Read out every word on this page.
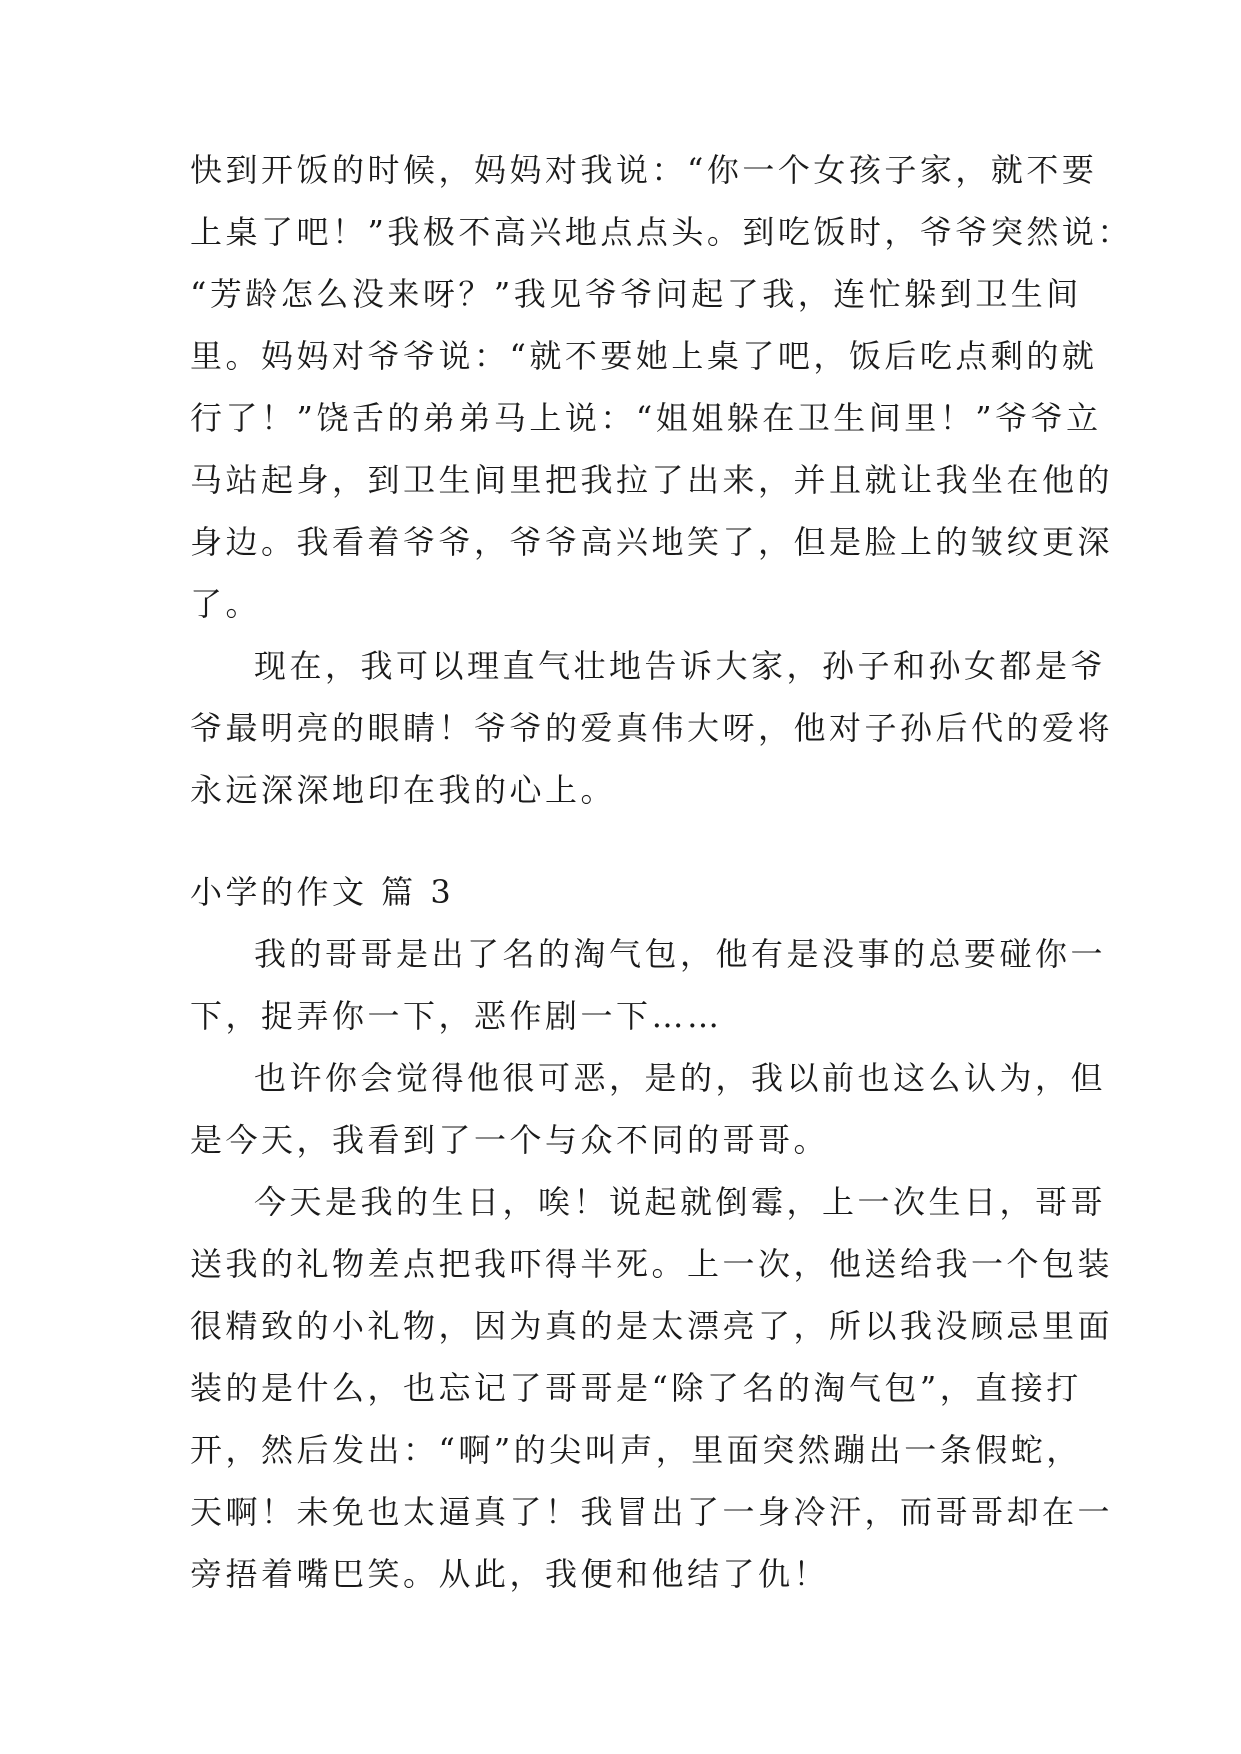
快到开饭的时候，妈妈对我说：“你一个女孩子家，就不要
上桌了吧！”我极不高兴地点点头。到吃饭时，爷爷突然说：
“芳龄怎么没来呀？”我见爷爷问起了我，连忙躲到卫生间
里。妈妈对爷爷说：“就不要她上桌了吧，饭后吃点剩的就
行了！”饶舌的弟弟马上说：“姐姐躲在卫生间里！”爷爷立
马站起身，到卫生间里把我拉了出来，并且就让我坐在他的
身边。我看着爷爷，爷爷高兴地笑了，但是脸上的皱纹更深
了。
现在，我可以理直气壮地告诉大家，孙子和孙女都是爷
爷最明亮的眼睛！爷爷的爱真伟大呀，他对子孙后代的爱将
永远深深地印在我的心上。
小学的作文 篇 3
我的哥哥是出了名的淘气包，他有是没事的总要碰你一
下，捉弄你一下，恶作剧一下……
也许你会觉得他很可恶，是的，我以前也这么认为，但
是今天，我看到了一个与众不同的哥哥。
今天是我的生日，唉！说起就倒霉，上一次生日，哥哥
送我的礼物差点把我吓得半死。上一次，他送给我一个包装
很精致的小礼物，因为真的是太漂亮了，所以我没顾忌里面
装的是什么，也忘记了哥哥是“除了名的淘气包”，直接打
开，然后发出：“啊”的尖叫声，里面突然蹦出一条假蛇，
天啊！未免也太逼真了！我冒出了一身冷汗，而哥哥却在一
旁捂着嘴巴笑。从此，我便和他结了仇！
